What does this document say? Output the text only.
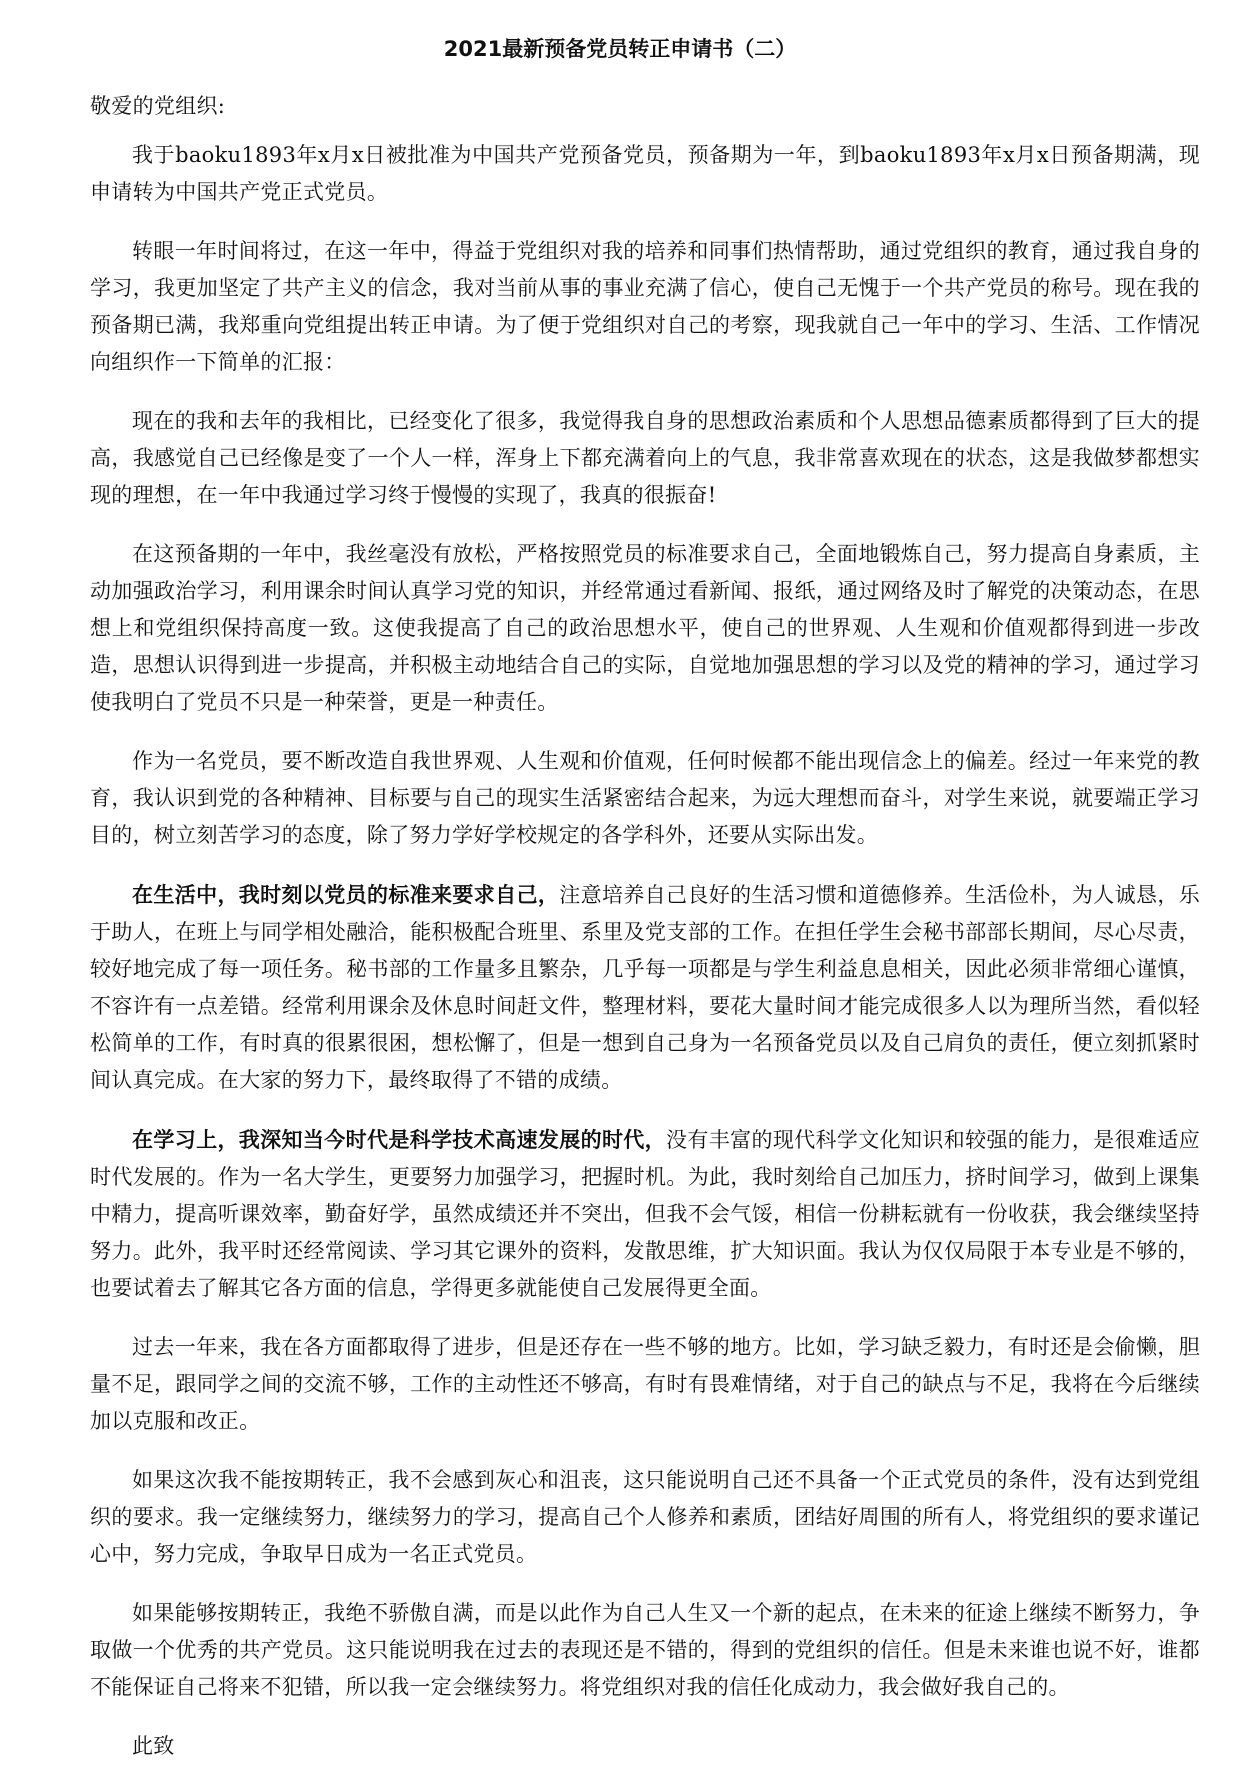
2021最新预备党员转正申请书（二）

敬爱的党组织:

我于baoku1893年x月x日被批准为中国共产党预备党员，预备期为一年，到baoku1893年x月x日预备期满，现申请转为中国共产党正式党员。

转眼一年时间将过，在这一年中，得益于党组织对我的培养和同事们热情帮助，通过党组织的教育，通过我自身的学习，我更加坚定了共产主义的信念，我对当前从事的事业充满了信心，使自己无愧于一个共产党员的称号。现在我的预备期已满，我郑重向党组提出转正申请。为了便于党组织对自己的考察，现我就自己一年中的学习、生活、工作情况向组织作一下简单的汇报：

现在的我和去年的我相比，已经变化了很多，我觉得我自身的思想政治素质和个人思想品德素质都得到了巨大的提高，我感觉自己已经像是变了一个人一样，浑身上下都充满着向上的气息，我非常喜欢现在的状态，这是我做梦都想实现的理想，在一年中我通过学习终于慢慢的实现了，我真的很振奋!

在这预备期的一年中，我丝毫没有放松，严格按照党员的标准要求自己，全面地锻炼自己，努力提高自身素质，主动加强政治学习，利用课余时间认真学习党的知识，并经常通过看新闻、报纸，通过网络及时了解党的决策动态，在思想上和党组织保持高度一致。这使我提高了自己的政治思想水平，使自己的世界观、人生观和价值观都得到进一步改造，思想认识得到进一步提高，并积极主动地结合自己的实际，自觉地加强思想的学习以及党的精神的学习，通过学习使我明白了党员不只是一种荣誉，更是一种责任。

作为一名党员，要不断改造自我世界观、人生观和价值观，任何时候都不能出现信念上的偏差。经过一年来党的教育，我认识到党的各种精神、目标要与自己的现实生活紧密结合起来，为远大理想而奋斗，对学生来说，就要端正学习目的，树立刻苦学习的态度，除了努力学好学校规定的各学科外，还要从实际出发。

在生活中，我时刻以党员的标准来要求自己，注意培养自己良好的生活习惯和道德修养。生活俭朴，为人诚恳，乐于助人，在班上与同学相处融洽，能积极配合班里、系里及党支部的工作。在担任学生会秘书部部长期间，尽心尽责，较好地完成了每一项任务。秘书部的工作量多且繁杂，几乎每一项都是与学生利益息息相关，因此必须非常细心谨慎，不容许有一点差错。经常利用课余及休息时间赶文件，整理材料，要花大量时间才能完成很多人以为理所当然，看似轻松简单的工作，有时真的很累很困，想松懈了，但是一想到自己身为一名预备党员以及自己肩负的责任，便立刻抓紧时间认真完成。在大家的努力下，最终取得了不错的成绩。

在学习上，我深知当今时代是科学技术高速发展的时代，没有丰富的现代科学文化知识和较强的能力，是很难适应时代发展的。作为一名大学生，更要努力加强学习，把握时机。为此，我时刻给自己加压力，挤时间学习，做到上课集中精力，提高听课效率，勤奋好学，虽然成绩还并不突出，但我不会气馁，相信一份耕耘就有一份收获，我会继续坚持努力。此外，我平时还经常阅读、学习其它课外的资料，发散思维，扩大知识面。我认为仅仅局限于本专业是不够的，也要试着去了解其它各方面的信息，学得更多就能使自己发展得更全面。

过去一年来，我在各方面都取得了进步，但是还存在一些不够的地方。比如，学习缺乏毅力，有时还是会偷懒，胆量不足，跟同学之间的交流不够，工作的主动性还不够高，有时有畏难情绪，对于自己的缺点与不足，我将在今后继续加以克服和改正。

如果这次我不能按期转正，我不会感到灰心和沮丧，这只能说明自己还不具备一个正式党员的条件，没有达到党组织的要求。我一定继续努力，继续努力的学习，提高自己个人修养和素质，团结好周围的所有人，将党组织的要求谨记心中，努力完成，争取早日成为一名正式党员。

如果能够按期转正，我绝不骄傲自满，而是以此作为自己人生又一个新的起点，在未来的征途上继续不断努力，争取做一个优秀的共产党员。这只能说明我在过去的表现还是不错的，得到的党组织的信任。但是未来谁也说不好，谁都不能保证自己将来不犯错，所以我一定会继续努力。将党组织对我的信任化成动力，我会做好我自己的。

此致
